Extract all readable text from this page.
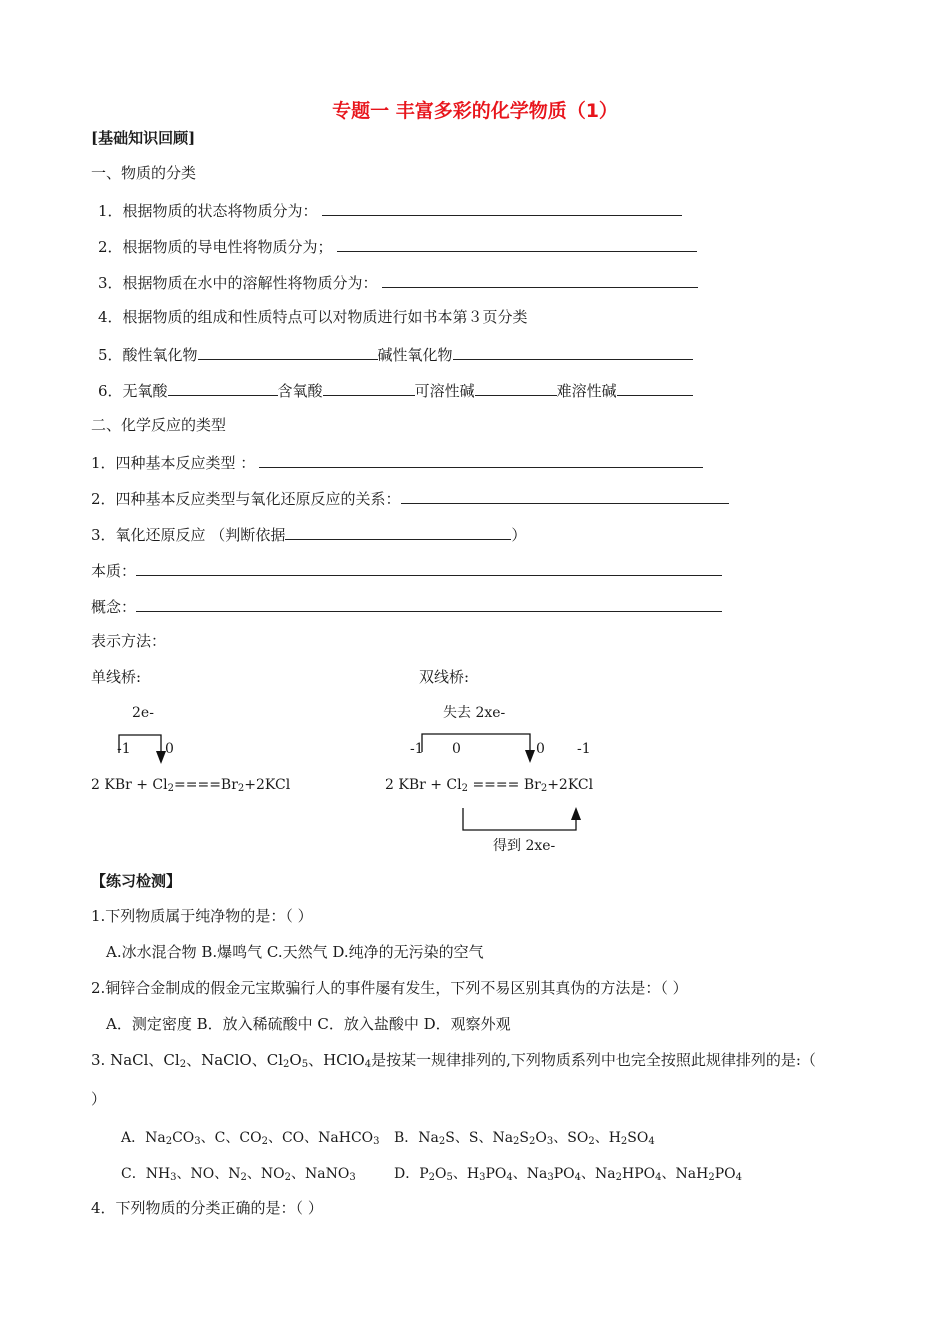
专题一 丰富多彩的化学物质（1）
[基础知识回顾]
一、物质的分类
1．根据物质的状态将物质分为：
2．根据物质的导电性将物质分为；
3．根据物质在水中的溶解性将物质分为：
4．根据物质的组成和性质特点可以对物质进行如书本第３页分类
5．酸性氧化物	碱性氧化物
6．无氧酸	含氧酸	可溶性碱	难溶性碱
二、化学反应的类型
1．四种基本反应类型 ：
2．四种基本反应类型与氧化还原反应的关系：
3．氧化还原反应 （判断依据	）
本质：
概念：
表示方法：
单线桥:
2e-
-1 0
2 KBr + $Cl_2====Br_2+2KCl$
双线桥:
失去 2xe-
-1 0	0 -1
2 KBr + $Cl_2$ ==== $Br_2+2KCl$
得到 2xe-
【练习检测】
1.下列物质属于纯净物的是：（ ）
A.冰水混合物 B.爆鸣气 C.天然气 D.纯净的无污染的空气
2.铜锌合金制成的假金元宝欺骗行人的事件屡有发生，下列不易区别其真伪的方法是：（ ）
A．测定密度 B．放入稀硫酸中 C．放入盐酸中 D．观察外观
3. NaCl、$Cl_2$、NaClO、$Cl_2O_5$、HClO$_4$是按某一规律排列的,下列物质系列中也完全按照此规律排列的是:（
）
A．$Na_2CO_3$、C、$CO_2$、CO、NaHCO$_3$ B．$Na_2S$、S、$Na_2S_2O_3$、$SO_2$、$H_2SO_4$
C．$NH_3$、NO、$N_2$、$NO_2$、NaNO$_3$	D．$P_2O_5$、$H_3PO_4$、$Na_3PO_4$、$Na_2HPO_4$、$NaH_2PO_4$
4．下列物质的分类正确的是：（ ）
